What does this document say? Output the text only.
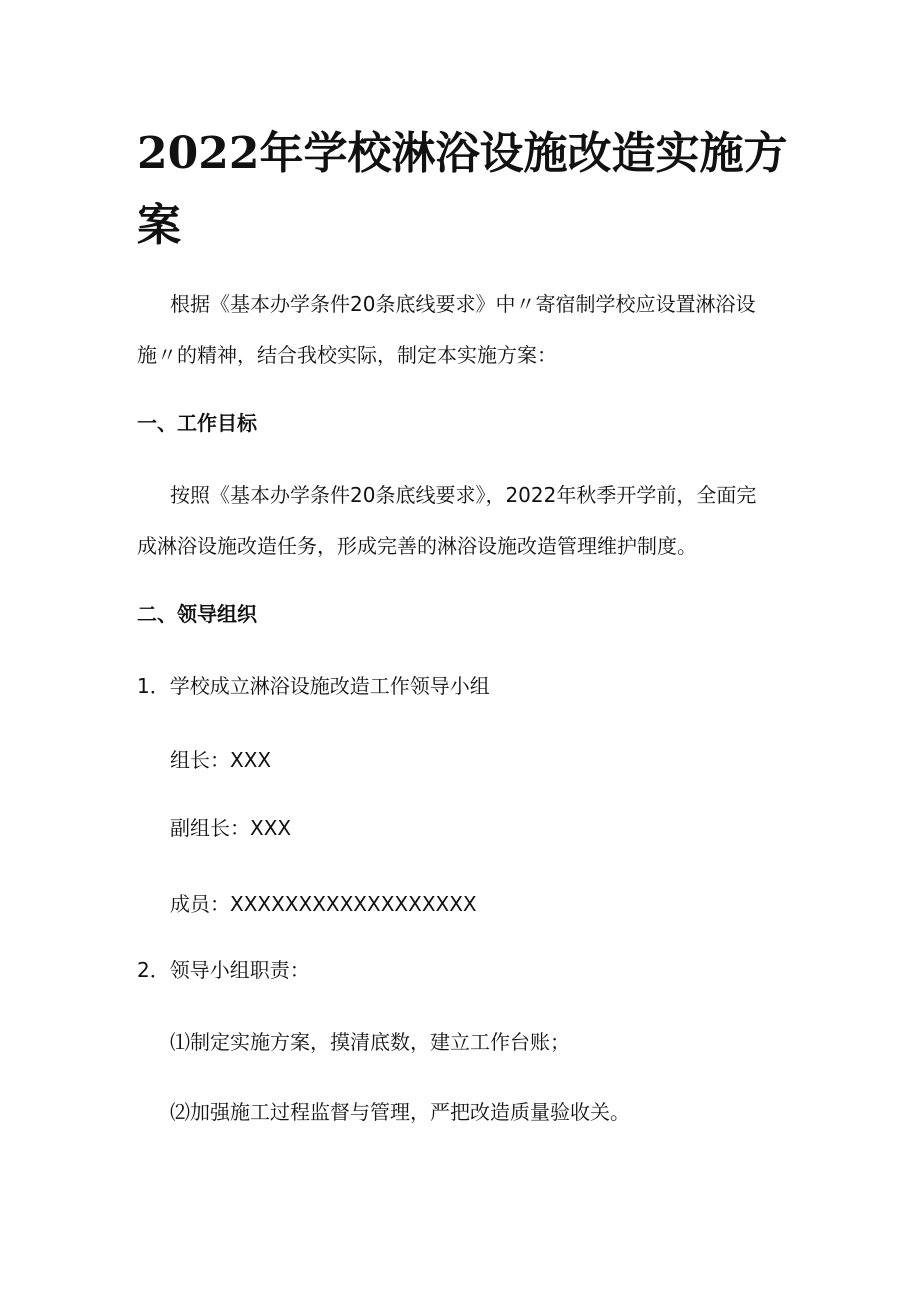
2022年学校淋浴设施改造实施方案

根据《基本办学条件20条底线要求》中〃寄宿制学校应设置淋浴设

施〃的精神，结合我校实际，制定本实施方案：

一、工作目标

按照《基本办学条件20条底线要求》，2022年秋季开学前，全面完

成淋浴设施改造任务，形成完善的淋浴设施改造管理维护制度。

二、领导组织

1．学校成立淋浴设施改造工作领导小组

组长：XXX

副组长：XXX

成员：XXXXXXXXXXXXXXXXXX

2．领导小组职责：

⑴制定实施方案，摸清底数，建立工作台账；

⑵加强施工过程监督与管理，严把改造质量验收关。
